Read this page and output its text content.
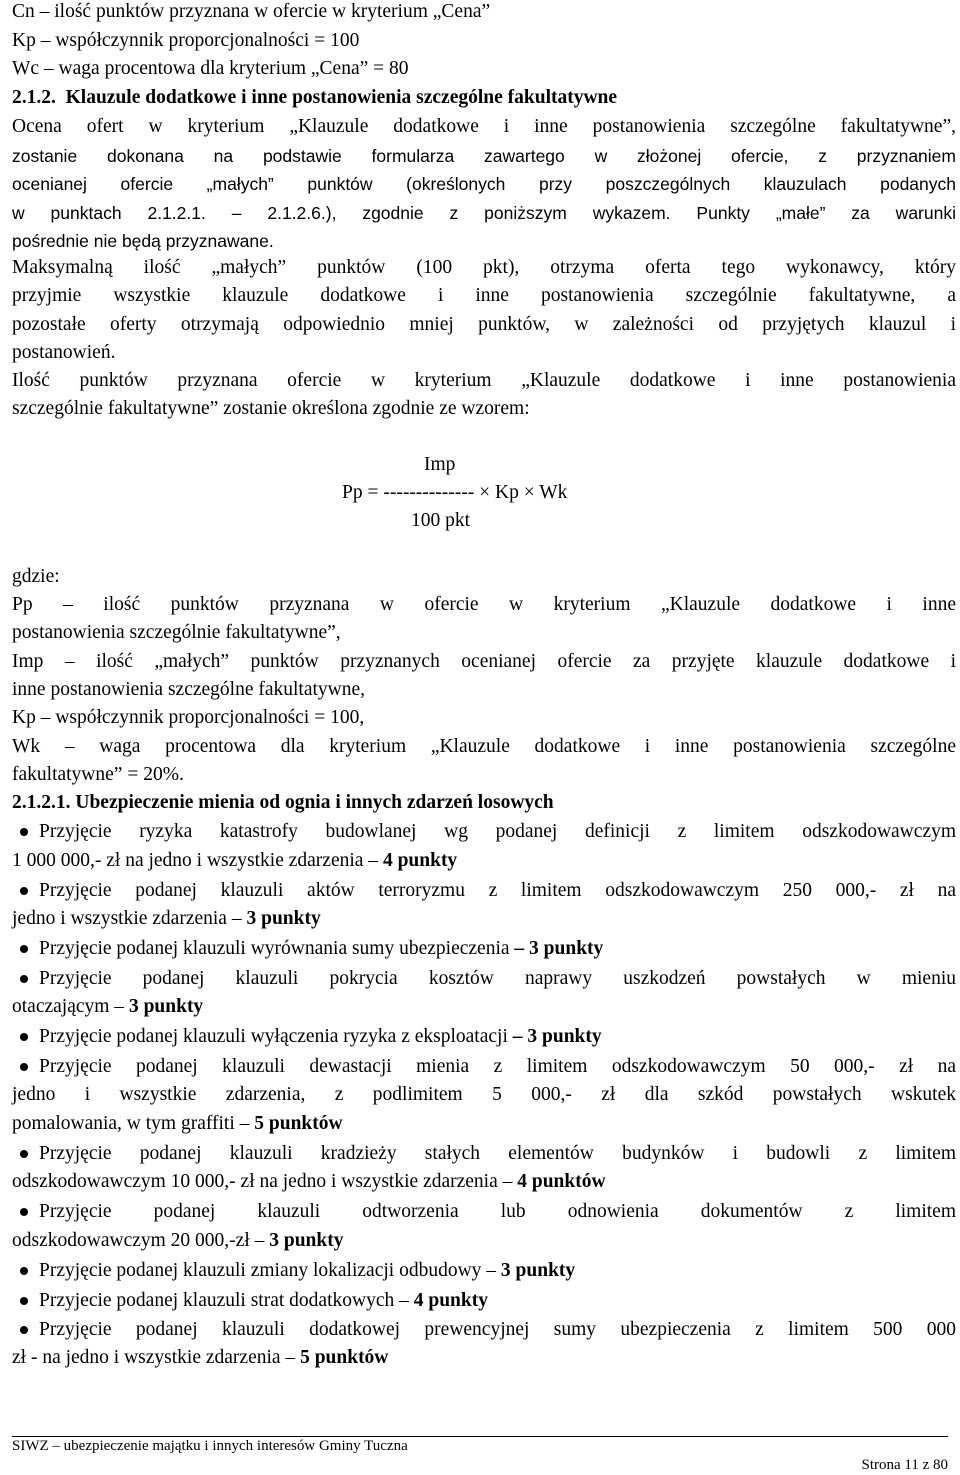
Cn – ilość punktów przyznana w ofercie w kryterium „Cena”
Kp – współczynnik proporcjonalności = 100
Wc – waga procentowa dla kryterium „Cena” = 80
2.1.2. Klauzule dodatkowe i inne postanowienia szczególne fakultatywne
Ocena ofert w kryterium „Klauzule dodatkowe i inne postanowienia szczególne fakultatywne”,
zostanie dokonana na podstawie formularza zawartego w złożonej ofercie, z przyznaniem
ocenianej ofercie „małych” punktów (określonych przy poszczególnych klauzulach podanych
w punktach 2.1.2.1. – 2.1.2.6.), zgodnie z poniższym wykazem. Punkty „małe” za warunki
pośrednie nie będą przyznawane.
Maksymalną ilość „małych” punktów (100 pkt), otrzyma oferta tego wykonawcy, który
przyjmie wszystkie klauzule dodatkowe i inne postanowienia szczególnie fakultatywne, a
pozostałe oferty otrzymają odpowiednio mniej punktów, w zależności od przyjętych klauzul i
postanowień.
Ilość punktów przyznana ofercie w kryterium „Klauzule dodatkowe i inne postanowienia
szczególnie fakultatywne” zostanie określona zgodnie ze wzorem:
Imp
Pp = -------------- × Kp × Wk
100 pkt
gdzie:
Pp – ilość punktów przyznana w ofercie w kryterium „Klauzule dodatkowe i inne
postanowienia szczególnie fakultatywne”,
Imp – ilość „małych” punktów przyznanych ocenianej ofercie za przyjęte klauzule dodatkowe i
inne postanowienia szczególne fakultatywne,
Kp – współczynnik proporcjonalności = 100,
Wk – waga procentowa dla kryterium „Klauzule dodatkowe i inne postanowienia szczególne
fakultatywne” = 20%.
2.1.2.1. Ubezpieczenie mienia od ognia i innych zdarzeń losowych
Przyjęcie ryzyka katastrofy budowlanej wg podanej definicji z limitem odszkodowawczym
1 000 000,- zł na jedno i wszystkie zdarzenia – 4 punkty
Przyjęcie podanej klauzuli aktów terroryzmu z limitem odszkodowawczym 250 000,- zł na
jedno i wszystkie zdarzenia – 3 punkty
Przyjęcie podanej klauzuli wyrównania sumy ubezpieczenia – 3 punkty
Przyjęcie podanej klauzuli pokrycia kosztów naprawy uszkodzeń powstałych w mieniu
otaczającym – 3 punkty
Przyjęcie podanej klauzuli wyłączenia ryzyka z eksploatacji – 3 punkty
Przyjęcie podanej klauzuli dewastacji mienia z limitem odszkodowawczym 50 000,- zł na
jedno i wszystkie zdarzenia, z podlimitem 5 000,- zł dla szkód powstałych wskutek
pomalowania, w tym graffiti – 5 punktów
Przyjęcie podanej klauzuli kradzieży stałych elementów budynków i budowli z limitem
odszkodowawczym 10 000,- zł na jedno i wszystkie zdarzenia – 4 punktów
Przyjęcie podanej klauzuli odtworzenia lub odnowienia dokumentów z limitem
odszkodowawczym 20 000,-zł – 3 punkty
Przyjęcie podanej klauzuli zmiany lokalizacji odbudowy – 3 punkty
Przyjecie podanej klauzuli strat dodatkowych – 4 punkty
Przyjęcie podanej klauzuli dodatkowej prewencyjnej sumy ubezpieczenia z limitem 500 000
zł - na jedno i wszystkie zdarzenia – 5 punktów
SIWZ – ubezpieczenie majątku i innych interesów Gminy Tuczna
Strona 11 z 80
